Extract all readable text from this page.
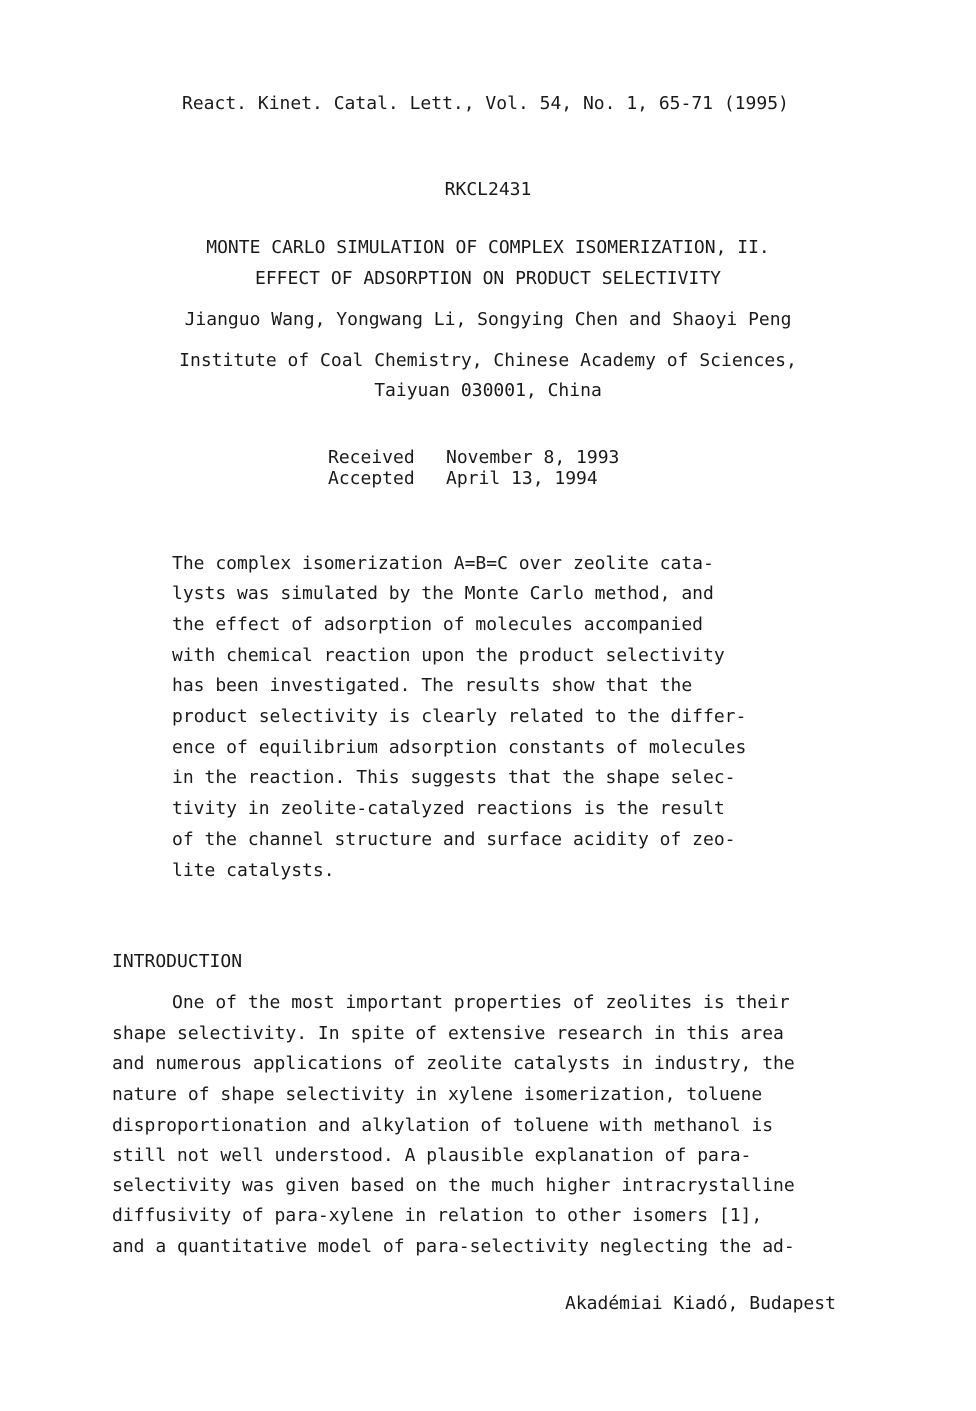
React. Kinet. Catal. Lett., Vol. 54, No. 1, 65-71 (1995)
RKCL2431
MONTE CARLO SIMULATION OF COMPLEX ISOMERIZATION, II.
EFFECT OF ADSORPTION ON PRODUCT SELECTIVITY
Jianguo Wang, Yongwang Li, Songying Chen and Shaoyi Peng
Institute of Coal Chemistry, Chinese Academy of Sciences,
Taiyuan 030001, China
Received November 8, 1993
Accepted April 13, 1994
The complex isomerization A=B=C over zeolite cata-
lysts was simulated by the Monte Carlo method, and
the effect of adsorption of molecules accompanied
with chemical reaction upon the product selectivity
has been investigated. The results show that the
product selectivity is clearly related to the differ-
ence of equilibrium adsorption constants of molecules
in the reaction. This suggests that the shape selec-
tivity in zeolite-catalyzed reactions is the result
of the channel structure and surface acidity of zeo-
lite catalysts.
INTRODUCTION
One of the most important properties of zeolites is their
shape selectivity. In spite of extensive research in this area
and numerous applications of zeolite catalysts in industry, the
nature of shape selectivity in xylene isomerization, toluene
disproportionation and alkylation of toluene with methanol is
still not well understood. A plausible explanation of para-
selectivity was given based on the much higher intracrystalline
diffusivity of para-xylene in relation to other isomers [1],
and a quantitative model of para-selectivity neglecting the ad-
Akadémiai Kiadó, Budapest
